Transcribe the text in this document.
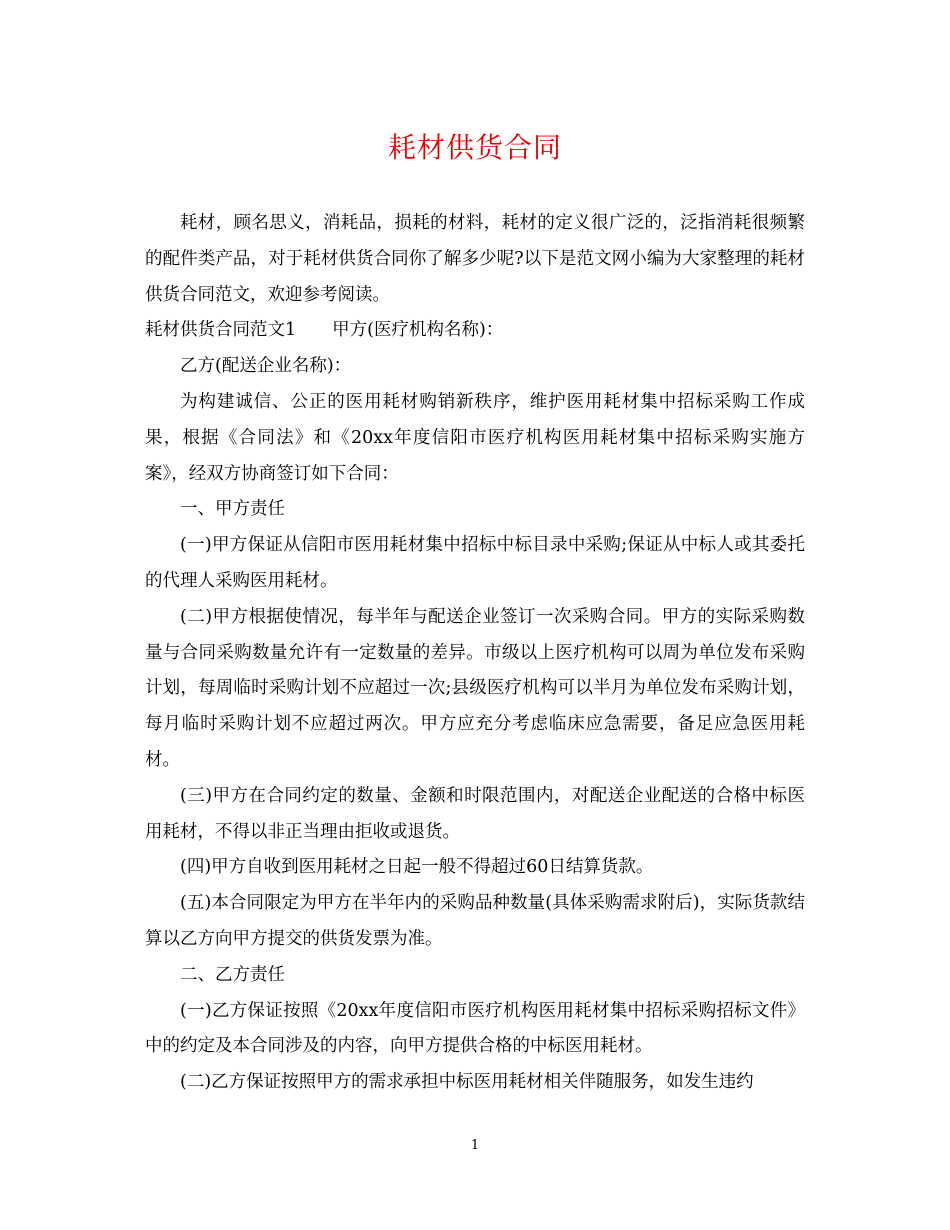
耗材供货合同

耗材，顾名思义，消耗品，损耗的材料，耗材的定义很广泛的，泛指消耗很频繁的配件类产品，对于耗材供货合同你了解多少呢?以下是范文网小编为大家整理的耗材供货合同范文，欢迎参考阅读。

耗材供货合同范文1 甲方(医疗机构名称)：

乙方(配送企业名称)：

为构建诚信、公正的医用耗材购销新秩序，维护医用耗材集中招标采购工作成果，根据《合同法》和《20xx年度信阳市医疗机构医用耗材集中招标采购实施方案》，经双方协商签订如下合同：

一、甲方责任

(一)甲方保证从信阳市医用耗材集中招标中标目录中采购;保证从中标人或其委托的代理人采购医用耗材。

(二)甲方根据使情况，每半年与配送企业签订一次采购合同。甲方的实际采购数量与合同采购数量允许有一定数量的差异。市级以上医疗机构可以周为单位发布采购计划，每周临时采购计划不应超过一次;县级医疗机构可以半月为单位发布采购计划，每月临时采购计划不应超过两次。甲方应充分考虑临床应急需要，备足应急医用耗材。

(三)甲方在合同约定的数量、金额和时限范围内，对配送企业配送的合格中标医用耗材，不得以非正当理由拒收或退货。

(四)甲方自收到医用耗材之日起一般不得超过60日结算货款。

(五)本合同限定为甲方在半年内的采购品种数量(具体采购需求附后)，实际货款结算以乙方向甲方提交的供货发票为准。

二、乙方责任

(一)乙方保证按照《20xx年度信阳市医疗机构医用耗材集中招标采购招标文件》中的约定及本合同涉及的内容，向甲方提供合格的中标医用耗材。

(二)乙方保证按照甲方的需求承担中标医用耗材相关伴随服务，如发生违约

1
